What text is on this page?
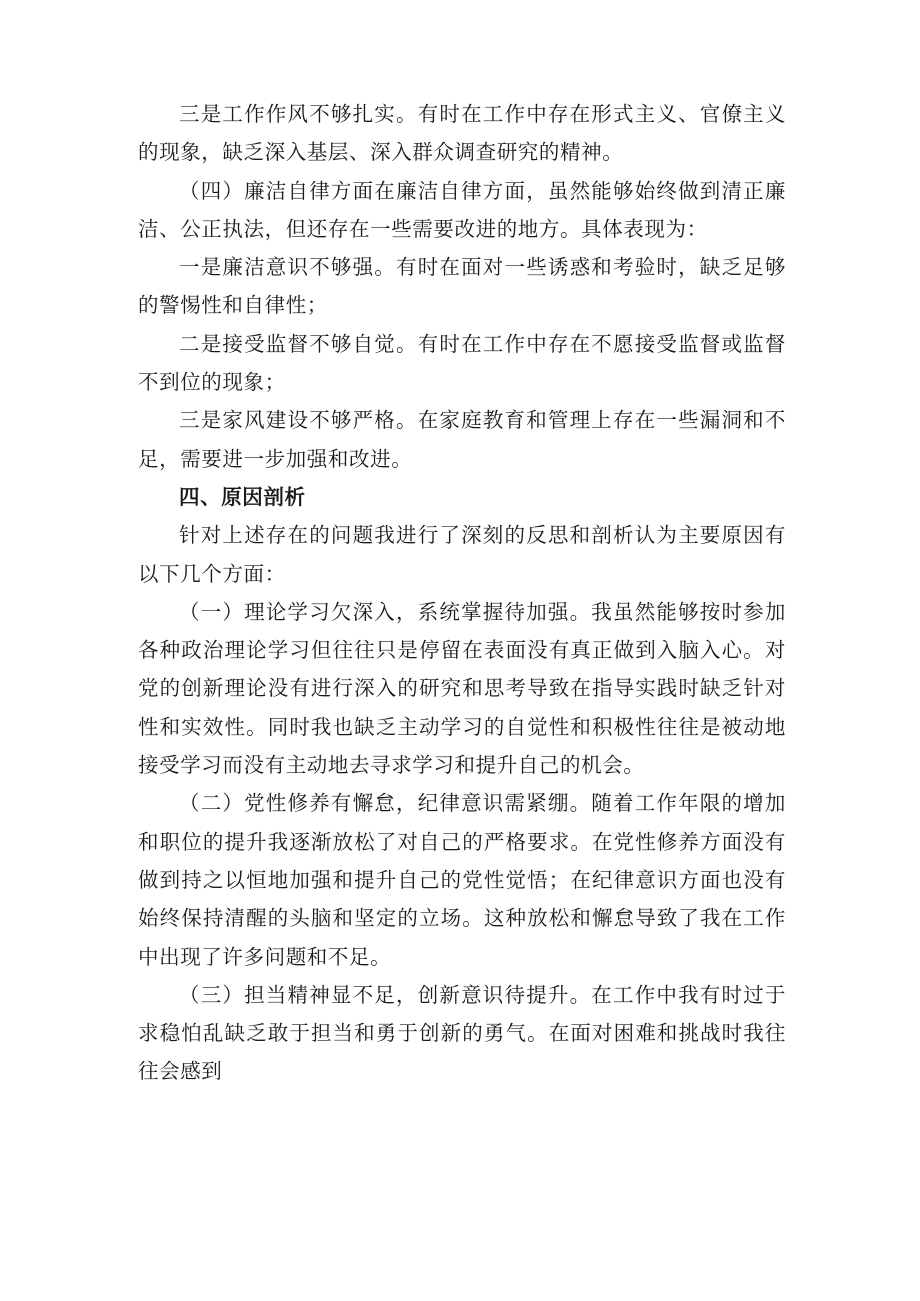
三是工作作风不够扎实。有时在工作中存在形式主义、官僚主义的现象，缺乏深入基层、深入群众调查研究的精神。

（四）廉洁自律方面在廉洁自律方面，虽然能够始终做到清正廉洁、公正执法，但还存在一些需要改进的地方。具体表现为：

一是廉洁意识不够强。有时在面对一些诱惑和考验时，缺乏足够的警惕性和自律性；

二是接受监督不够自觉。有时在工作中存在不愿接受监督或监督不到位的现象；

三是家风建设不够严格。在家庭教育和管理上存在一些漏洞和不足，需要进一步加强和改进。

四、原因剖析

针对上述存在的问题我进行了深刻的反思和剖析认为主要原因有以下几个方面：

（一）理论学习欠深入，系统掌握待加强。我虽然能够按时参加各种政治理论学习但往往只是停留在表面没有真正做到入脑入心。对党的创新理论没有进行深入的研究和思考导致在指导实践时缺乏针对性和实效性。同时我也缺乏主动学习的自觉性和积极性往往是被动地接受学习而没有主动地去寻求学习和提升自己的机会。

（二）党性修养有懈怠，纪律意识需紧绷。随着工作年限的增加和职位的提升我逐渐放松了对自己的严格要求。在党性修养方面没有做到持之以恒地加强和提升自己的党性觉悟；在纪律意识方面也没有始终保持清醒的头脑和坚定的立场。这种放松和懈怠导致了我在工作中出现了许多问题和不足。

（三）担当精神显不足，创新意识待提升。在工作中我有时过于求稳怕乱缺乏敢于担当和勇于创新的勇气。在面对困难和挑战时我往往会感到
